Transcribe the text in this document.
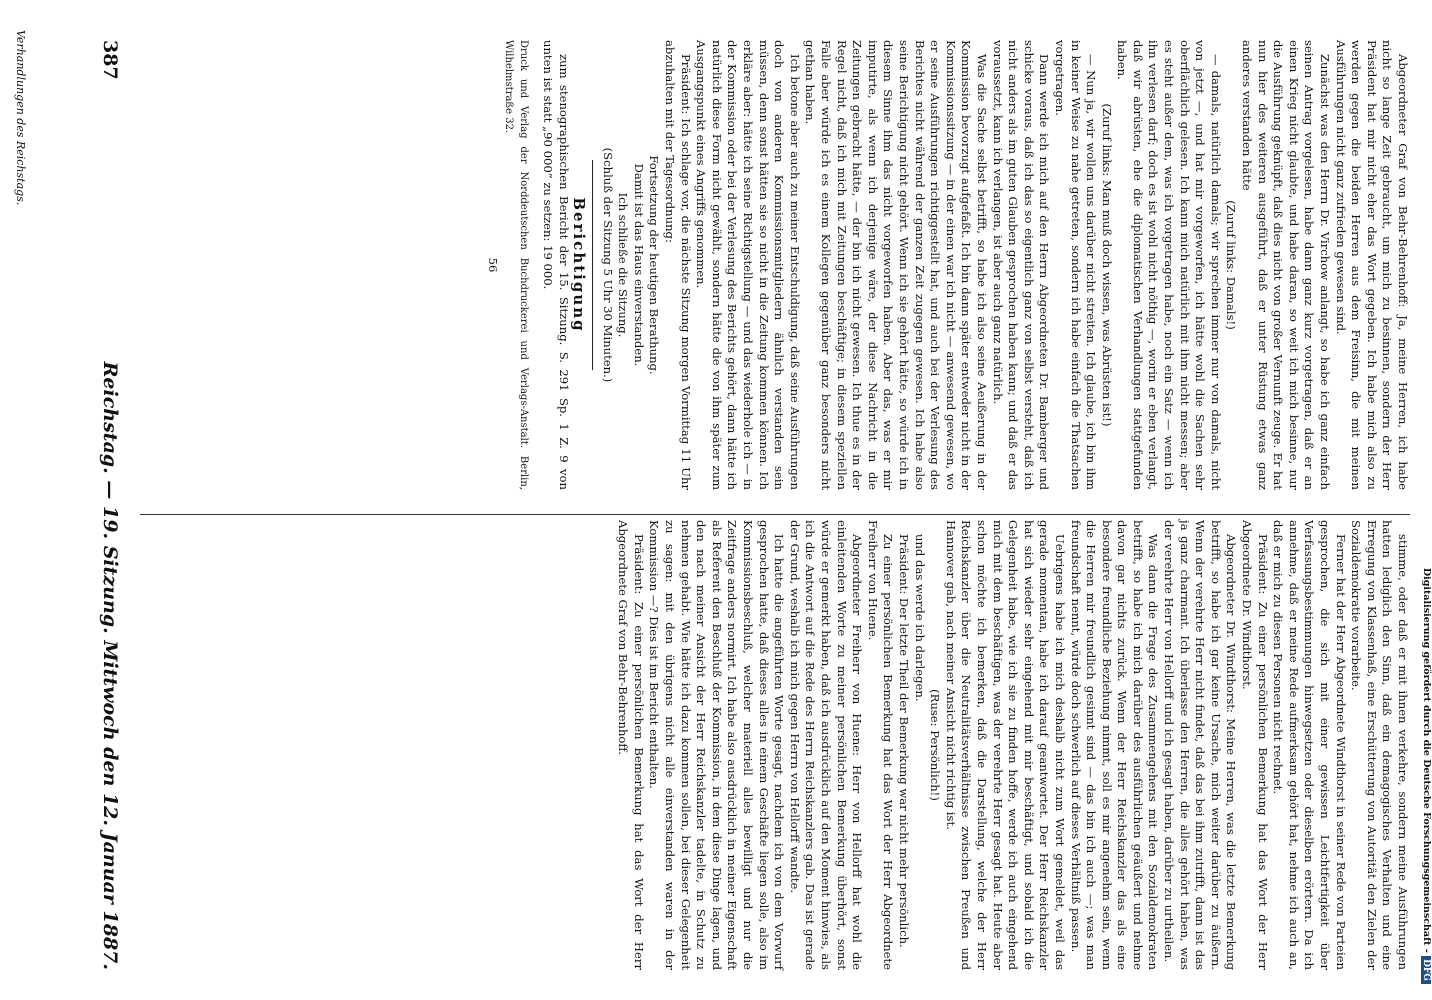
Digitalisierung gefördert durch die Deutsche Forschungsgemeinschaft - DFG
387
Reichstag. — 19. Sitzung. Mittwoch den 12. Januar 1887.

Abgeordneter Graf von Behr-Behrenhoff: Ja, meine Herren, ich habe nicht so lange Zeit gebraucht, um mich zu besinnen, sondern der Herr Präsident hat mir nicht eher das Wort gegeben. Ich habe mich also zu werden gegen die beiden Herren aus dem Freisinn, die mit meinen Ausführungen nicht ganz zufrieden gewesen sind.

Zunächst was den Herrn Dr. Virchow anlangt, so habe ich ganz einfach seinen Antrag vorgelesen, habe dann ganz kurz vorgetragen, daß er an einen Krieg nicht glaubte, und habe daran, so weit ich mich besinne, nur die Ausführung geknüpft, daß dies nicht von großer Vernunft zeuge. Er hat nun hier des weiteren ausgeführt, daß er unter Rüstung etwas ganz anderes verstanden hätte

(Zuruf links: Damals!)

— damals, natürlich damals; wir sprechen immer nur von damals, nicht von jetzt —, und hat mir vorgeworfen, ich hätte wohl die Sachen sehr oberflächlich gelesen. Ich kann mich natürlich mit ihm nicht messen; aber es steht außer dem, was ich vorgetragen habe, noch ein Satz — wenn ich ihn verlesen darf; doch es ist wohl nicht nöthig —, worin er eben verlangt, daß wir abrüsten, ehe die diplomatischen Verhandlungen stattgefunden haben.

(Zuruf links: Man muß doch wissen, was Abrüsten ist!)

— Nun ja, wir wollen uns darüber nicht streiten. Ich glaube, ich bin ihm in keiner Weise zu nahe getreten, sondern ich habe einfach die Thatsachen vorgetragen.

Dann werde ich mich auf den Herrn Abgeordneten Dr. Bamberger und schicke voraus, daß ich das so eigentlich ganz von selbst versteht, daß ich nicht anders als im guten Glauben gesprochen haben kann; und daß er das voraussetzt, kann ich verlangen, ist aber auch ganz natürlich.

Was die Sache selbst betrifft, so habe ich also seine Aeußerung in der Kommission bevorzugt aufgefaßt. Ich bin dann später entweder nicht in der Kommissionssitzung — in der einen war ich nicht — anwesend gewesen, wo er seine Ausführungen richtiggestellt hat, und auch bei der Verlesung des Berichtes nicht während der ganzen Zeit zugegen gewesen. Ich habe also seine Berichtigung nicht gehört. Wenn ich sie gehört hätte, so würde ich in diesem Sinne ihm das nicht vorgeworfen haben. Aber das, was er mir imputirte, als wenn ich derjenige wäre, der diese Nachricht in die Zeitungen gebracht hätte, — der bin ich nicht gewesen. Ich thue es in der Regel nicht, daß ich mich mit Zeitungen beschäftige; in diesem speziellen Falle aber würde ich es einem Kollegen gegenüber ganz besonders nicht gethan haben.

Ich betone aber auch zu meiner Entschuldigung, daß seine Ausführungen doch von anderen Kommissionsmitgliedern ähnlich verstanden sein müssen, denn sonst hätten sie so nicht in die Zeitung kommen können. Ich erkläre aber: hätte ich seine Richtigstellung — und das wiederhole ich — in der Kommission oder bei der Verlesung des Berichts gehört, dann hätte ich natürlich diese Form nicht gewählt, sondern hätte die von ihm später zum Ausgangspunkt eines Angriffs genommen.

Präsident: Ich schlage vor, die nächste Sitzung morgen Vormittag 11 Uhr abzuhalten mit der Tagesordnung:

Fortsetzung der heutigen Berathung.

Damit ist das Haus einverstanden.

Ich schließe die Sitzung.

(Schluß der Sitzung 5 Uhr 30 Minuten.)

Berichtigung

zum stenographischen Bericht der 15. Sitzung. S. 291 Sp. 1 Z. 9 von unten ist statt „90 000“ zu setzen: 19 000.

Druck und Verlag der Norddeutschen Buchdruckerei und Verlags-Anstalt. Berlin, Wilhelmstraße 32.

56

stimme, oder daß er mit ihnen verkehre, sondern meine Ausführungen hatten lediglich den Sinn, daß ein demagogisches Verhalten und eine Erregung von Klassenhaß, eine Erschütterung von Autorität den Zielen der Sozialdemokratie vorarbeite.

Ferner hat der Herr Abgeordnete Windthorst in seiner Rede von Parteien gesprochen, die sich mit einer gewissen Leichtfertigkeit über Verfassungsbestimmungen hinwegsetzen oder dieselben erörtern. Da ich annehme, daß er meine Rede aufmerksam gehört hat, nehme ich auch an, daß er mich zu diesen Personen nicht rechnet.

Präsident: Zu einer persönlichen Bemerkung hat das Wort der Herr Abgeordnete Dr. Windthorst.

Abgeordneter Dr. Windthorst: Meine Herren, was die letzte Bemerkung betrifft, so habe ich gar keine Ursache, mich weiter darüber zu äußern. Wenn der verehrte Herr nicht findet, daß das bei ihm zutrifft, dann ist das ja ganz charmant. Ich überlasse den Herren, die alles gehört haben, was der verehrte Herr von Hellorff und ich gesagt haben, darüber zu urtheilen.

Was dann die Frage des Zusammengehens mit den Sozialdemokraten betrifft, so habe ich mich darüber des ausführlichen geäußert und nehme davon gar nichts zurück. Wenn der Herr Reichskanzler das als eine besondere freundliche Beziehung nimmt, soll es mir angenehm sein, wenn die Herren mir freundlich gesinnt sind — das bin ich auch —; was man freundschaft nennt, würde doch schwerlich auf dieses Verhältniß passen.

Uebrigens habe ich mich deshalb nicht zum Wort gemeldet, weil das gerade momentan, habe ich darauf geantwortet. Der Herr Reichskanzler hat sich wieder sehr eingehend mit mir beschäftigt, und sobald ich die Gelegenheit habe, wie ich sie zu finden hoffe, werde ich auch eingehend mich mit dem beschäftigen, was der verehrte Herr gesagt hat. Heute aber schon möchte ich bemerken, daß die Darstellung, welche der Herr Reichskanzler über die Neutralitätsverhältnisse zwischen Preußen und Hannover gab, nach meiner Ansicht nicht richtig ist.

(Ruse: Persönlich!)

und das werde ich darlegen.

Präsident: Der letzte Theil der Bemerkung war nicht mehr persönlich.

Zu einer persönlichen Bemerkung hat das Wort der Herr Abgeordnete Freiherr von Huene.

Abgeordneter Freiherr von Huene: Herr von Hellorff hat wohl die einleitenden Worte zu meiner persönlichen Bemerkung überhört, sonst würde er gemerkt haben, daß ich ausdrücklich auf den Moment hinwies, als ich die Antwort auf die Rede des Herrn Reichskanzlers gab. Das ist gerade der Grund, weshalb ich mich gegen Herrn von Hellorff wandte.

Ich hatte die angeführten Worte gesagt, nachdem ich von dem Vorwurf gesprochen hatte, daß dieses alles in einem Geschäfte liegen solle, also im Kommissionsbeschluß, welcher materiell alles bewilligt und nur die Zeitfrage anders normirt. Ich habe also ausdrücklich in meiner Eigenschaft als Referent den Beschluß der Kommission, in dem diese Dinge lagen, und den nach meiner Ansicht der Herr Reichskanzler tadelte, in Schutz zu nehmen gehabt. Wie hätte ich dazu kommen sollen, bei dieser Gelegenheit zu sagen: mit den übrigens nicht alle einverstanden waren in der Kommission —? Dies ist im Bericht enthalten.

Präsident: Zu einer persönlichen Bemerkung hat das Wort der Herr Abgeordnete Graf von Behr-Behrenhoff.

Verhandlungen des Reichstags.
